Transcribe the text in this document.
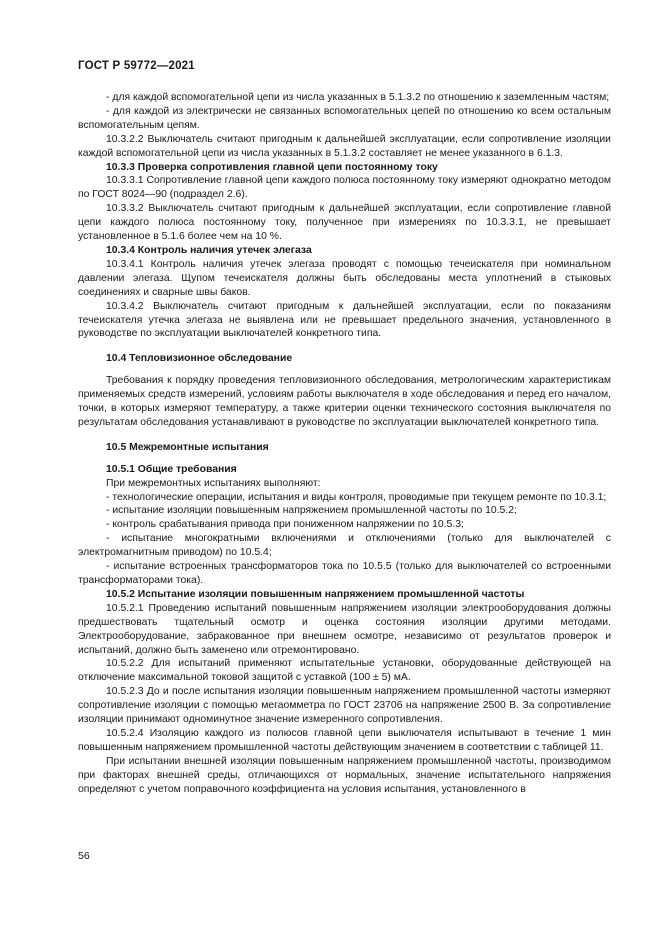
ГОСТ Р 59772—2021

- для каждой вспомогательной цепи из числа указанных в 5.1.3.2 по отношению к заземленным частям;

- для каждой из электрически не связанных вспомогательных цепей по отношению ко всем остальным вспомогательным цепям.

10.3.2.2 Выключатель считают пригодным к дальнейшей эксплуатации, если сопротивление изоляции каждой вспомогательной цепи из числа указанных в 5.1.3.2 составляет не менее указанного в 6.1.3.

10.3.3 Проверка сопротивления главной цепи постоянному току

10.3.3.1 Сопротивление главной цепи каждого полюса постоянному току измеряют однократно методом по ГОСТ 8024—90 (подраздел 2.6).

10.3.3.2 Выключатель считают пригодным к дальнейшей эксплуатации, если сопротивление главной цепи каждого полюса постоянному току, полученное при измерениях по 10.3.3.1, не превышает установленное в 5.1.6 более чем на 10 %.

10.3.4 Контроль наличия утечек элегаза

10.3.4.1 Контроль наличия утечек элегаза проводят с помощью течеискателя при номинальном давлении элегаза. Щупом течеискателя должны быть обследованы места уплотнений в стыковых соединениях и сварные швы баков.

10.3.4.2 Выключатель считают пригодным к дальнейшей эксплуатации, если по показаниям течеискателя утечка элегаза не выявлена или не превышает предельного значения, установленного в руководстве по эксплуатации выключателей конкретного типа.

10.4 Тепловизионное обследование

Требования к порядку проведения тепловизионного обследования, метрологическим характеристикам применяемых средств измерений, условиям работы выключателя в ходе обследования и перед его началом, точки, в которых измеряют температуру, а также критерии оценки технического состояния выключателя по результатам обследования устанавливают в руководстве по эксплуатации выключателей конкретного типа.

10.5 Межремонтные испытания

10.5.1 Общие требования

При межремонтных испытаниях выполняют:

- технологические операции, испытания и виды контроля, проводимые при текущем ремонте по 10.3.1;

- испытание изоляции повышенным напряжением промышленной частоты по 10.5.2;

- контроль срабатывания привода при пониженном напряжении по 10.5.3;

- испытание многократными включениями и отключениями (только для выключателей с электромагнитным приводом) по 10.5.4;

- испытание встроенных трансформаторов тока по 10.5.5 (только для выключателей со встроенными трансформаторами тока).

10.5.2 Испытание изоляции повышенным напряжением промышленной частоты

10.5.2.1 Проведению испытаний повышенным напряжением изоляции электрооборудования должны предшествовать тщательный осмотр и оценка состояния изоляции другими методами. Электрооборудование, забракованное при внешнем осмотре, независимо от результатов проверок и испытаний, должно быть заменено или отремонтировано.

10.5.2.2 Для испытаний применяют испытательные установки, оборудованные действующей на отключение максимальной токовой защитой с уставкой (100 ± 5) мА.

10.5.2.3 До и после испытания изоляции повышенным напряжением промышленной частоты измеряют сопротивление изоляции с помощью мегаомметра по ГОСТ 23706 на напряжение 2500 В. За сопротивление изоляции принимают одноминутное значение измеренного сопротивления.

10.5.2.4 Изоляцию каждого из полюсов главной цепи выключателя испытывают в течение 1 мин повышенным напряжением промышленной частоты действующим значением в соответствии с таблицей 11.

При испытании внешней изоляции повышенным напряжением промышленной частоты, производимом при факторах внешней среды, отличающихся от нормальных, значение испытательного напряжения определяют с учетом поправочного коэффициента на условия испытания, установленного в

56
